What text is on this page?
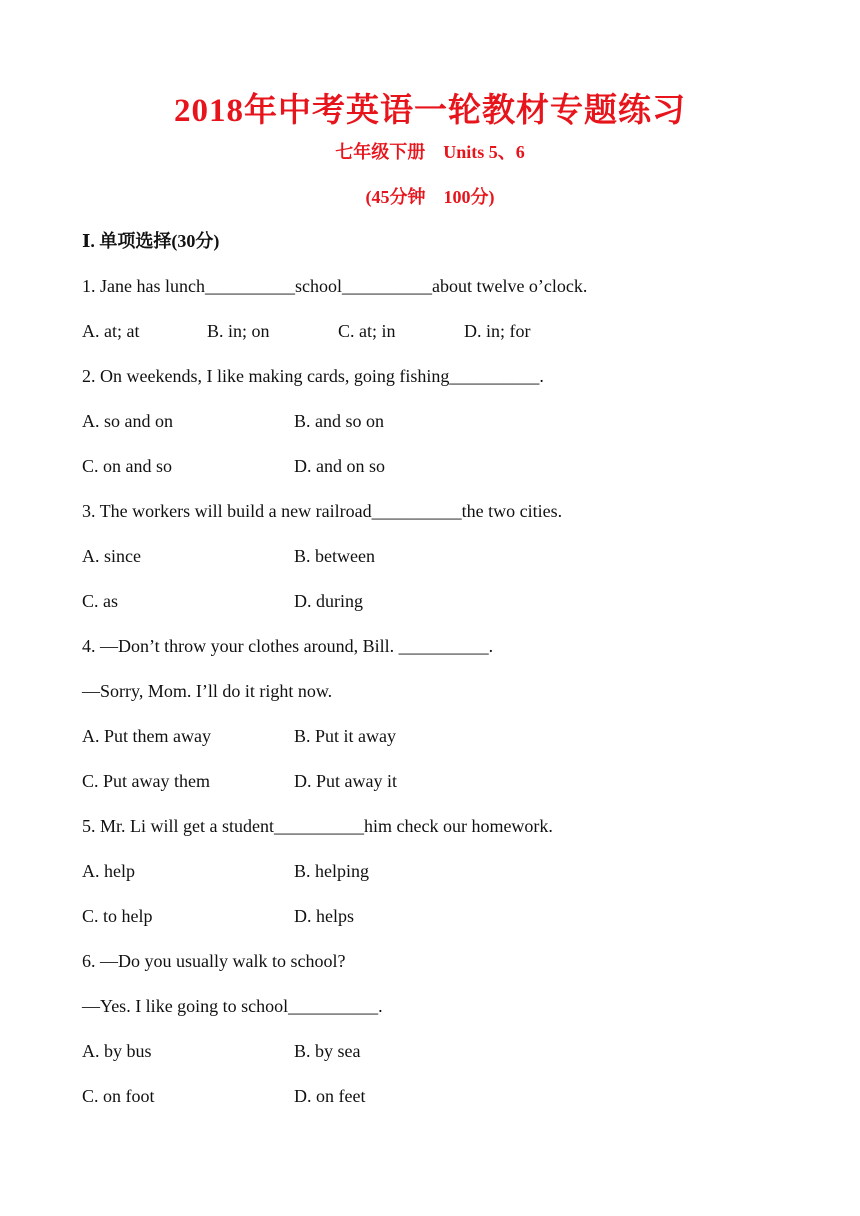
2018年中考英语一轮教材专题练习
七年级下册　Units 5、6
(45分钟　100分)
Ⅰ. 单项选择(30分)
1. Jane has lunch__________school__________about twelve o’clock.
A. at; at	B. in; on	C. at; in	D. in; for
2. On weekends, I like making cards, going fishing__________.
A. so and on	B. and so on
C. on and so	D. and on so
3. The workers will build a new railroad__________the two cities.
A. since	B. between
C. as	D. during
4. —Don’t throw your clothes around, Bill. __________.
—Sorry, Mom. I’ll do it right now.
A. Put them away	B. Put it away
C. Put away them	D. Put away it
5. Mr. Li will get a student__________him check our homework.
A. help	B. helping
C. to help	D. helps
6. —Do you usually walk to school?
—Yes. I like going to school__________.
A. by bus	B. by sea
C. on foot	D. on feet
